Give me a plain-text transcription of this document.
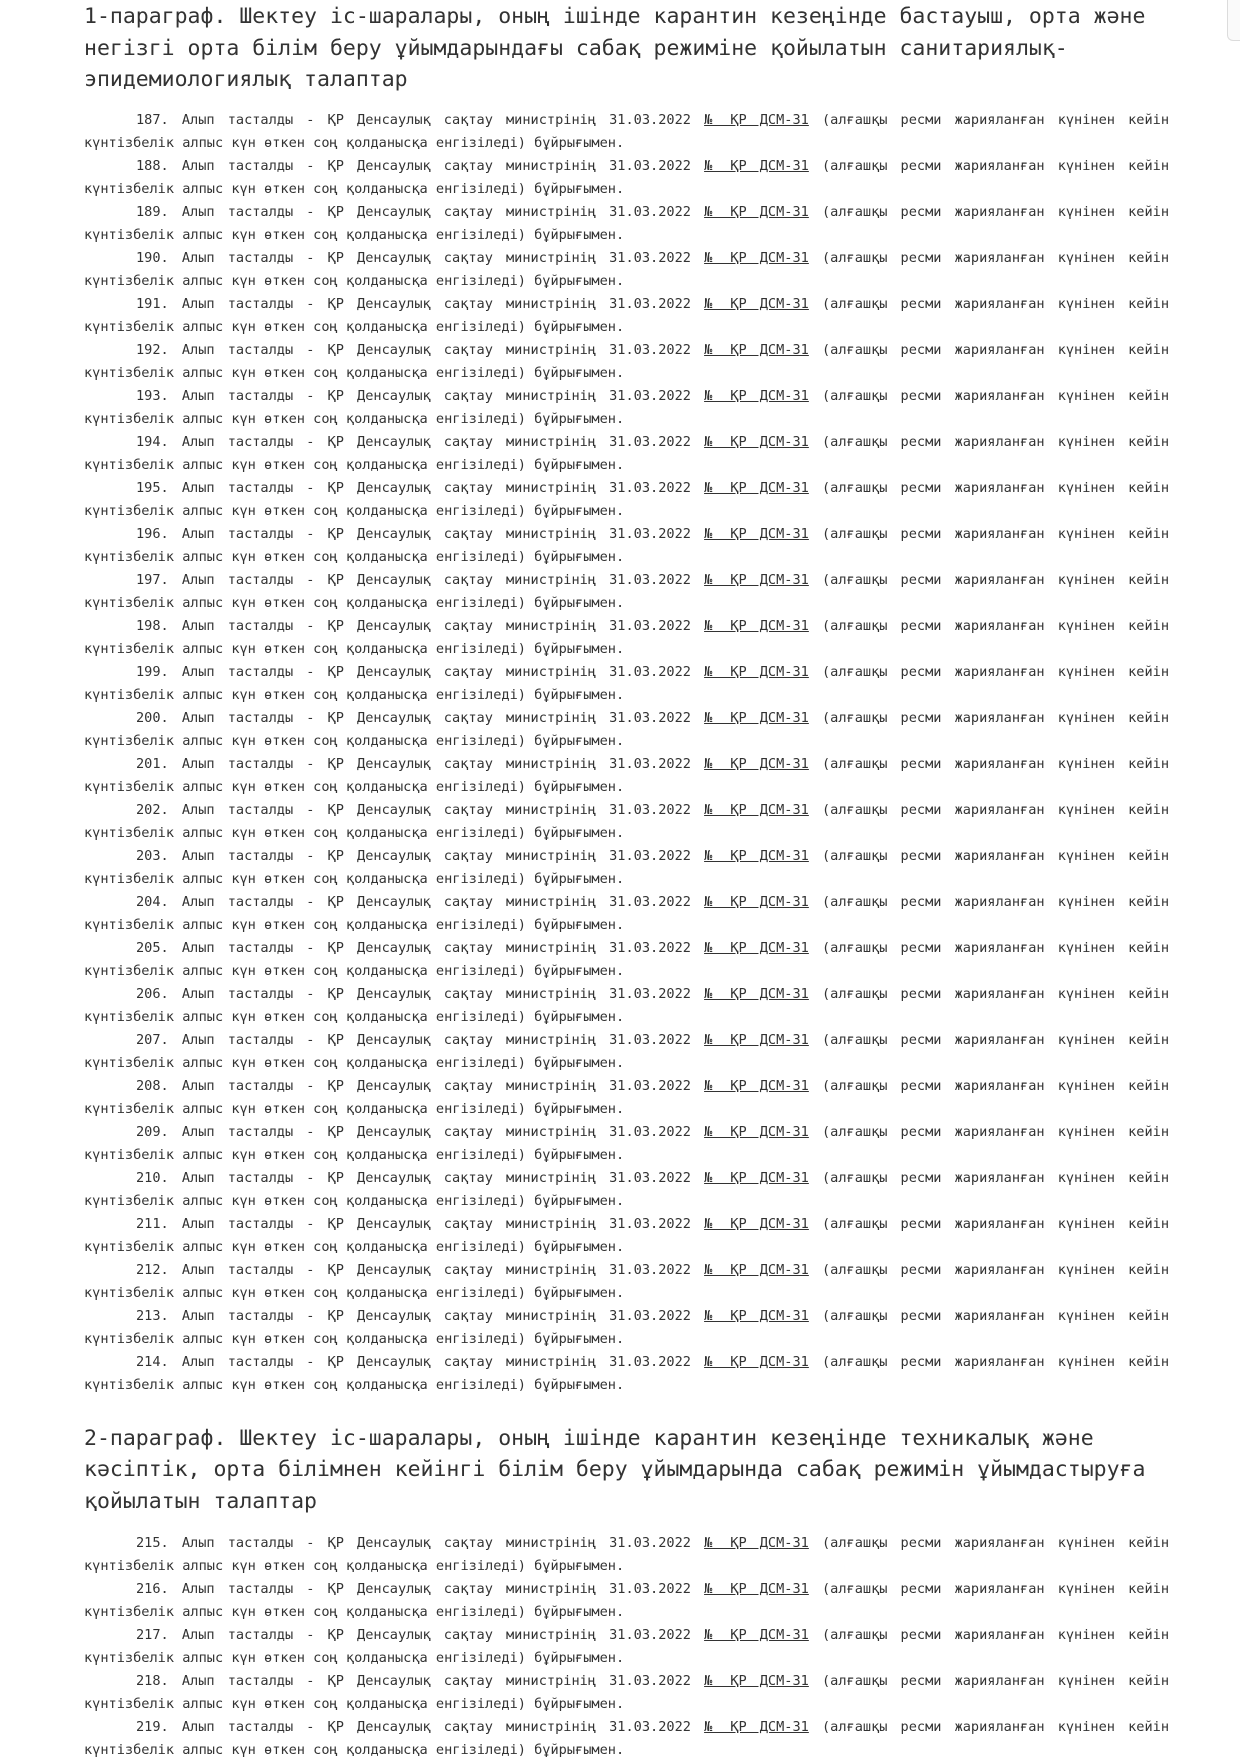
1-параграф. Шектеу іс-шаралары, оның ішінде карантин кезеңінде бастауыш, орта және негізгі орта білім беру ұйымдарындағы сабақ режиміне қойылатын санитариялық-эпидемиологиялық талаптар

187. Алып тасталды - ҚР Денсаулық сақтау министрінің 31.03.2022 № ҚР ДСМ-31 (алғашқы ресми жарияланған күнінен кейін күнтізбелік алпыс күн өткен соң қолданысқа енгізіледі) бұйрығымен.

188. Алып тасталды - ҚР Денсаулық сақтау министрінің 31.03.2022 № ҚР ДСМ-31 (алғашқы ресми жарияланған күнінен кейін күнтізбелік алпыс күн өткен соң қолданысқа енгізіледі) бұйрығымен.

189. Алып тасталды - ҚР Денсаулық сақтау министрінің 31.03.2022 № ҚР ДСМ-31 (алғашқы ресми жарияланған күнінен кейін күнтізбелік алпыс күн өткен соң қолданысқа енгізіледі) бұйрығымен.

190. Алып тасталды - ҚР Денсаулық сақтау министрінің 31.03.2022 № ҚР ДСМ-31 (алғашқы ресми жарияланған күнінен кейін күнтізбелік алпыс күн өткен соң қолданысқа енгізіледі) бұйрығымен.

191. Алып тасталды - ҚР Денсаулық сақтау министрінің 31.03.2022 № ҚР ДСМ-31 (алғашқы ресми жарияланған күнінен кейін күнтізбелік алпыс күн өткен соң қолданысқа енгізіледі) бұйрығымен.

192. Алып тасталды - ҚР Денсаулық сақтау министрінің 31.03.2022 № ҚР ДСМ-31 (алғашқы ресми жарияланған күнінен кейін күнтізбелік алпыс күн өткен соң қолданысқа енгізіледі) бұйрығымен.

193. Алып тасталды - ҚР Денсаулық сақтау министрінің 31.03.2022 № ҚР ДСМ-31 (алғашқы ресми жарияланған күнінен кейін күнтізбелік алпыс күн өткен соң қолданысқа енгізіледі) бұйрығымен.

194. Алып тасталды - ҚР Денсаулық сақтау министрінің 31.03.2022 № ҚР ДСМ-31 (алғашқы ресми жарияланған күнінен кейін күнтізбелік алпыс күн өткен соң қолданысқа енгізіледі) бұйрығымен.

195. Алып тасталды - ҚР Денсаулық сақтау министрінің 31.03.2022 № ҚР ДСМ-31 (алғашқы ресми жарияланған күнінен кейін күнтізбелік алпыс күн өткен соң қолданысқа енгізіледі) бұйрығымен.

196. Алып тасталды - ҚР Денсаулық сақтау министрінің 31.03.2022 № ҚР ДСМ-31 (алғашқы ресми жарияланған күнінен кейін күнтізбелік алпыс күн өткен соң қолданысқа енгізіледі) бұйрығымен.

197. Алып тасталды - ҚР Денсаулық сақтау министрінің 31.03.2022 № ҚР ДСМ-31 (алғашқы ресми жарияланған күнінен кейін күнтізбелік алпыс күн өткен соң қолданысқа енгізіледі) бұйрығымен.

198. Алып тасталды - ҚР Денсаулық сақтау министрінің 31.03.2022 № ҚР ДСМ-31 (алғашқы ресми жарияланған күнінен кейін күнтізбелік алпыс күн өткен соң қолданысқа енгізіледі) бұйрығымен.

199. Алып тасталды - ҚР Денсаулық сақтау министрінің 31.03.2022 № ҚР ДСМ-31 (алғашқы ресми жарияланған күнінен кейін күнтізбелік алпыс күн өткен соң қолданысқа енгізіледі) бұйрығымен.

200. Алып тасталды - ҚР Денсаулық сақтау министрінің 31.03.2022 № ҚР ДСМ-31 (алғашқы ресми жарияланған күнінен кейін күнтізбелік алпыс күн өткен соң қолданысқа енгізіледі) бұйрығымен.

201. Алып тасталды - ҚР Денсаулық сақтау министрінің 31.03.2022 № ҚР ДСМ-31 (алғашқы ресми жарияланған күнінен кейін күнтізбелік алпыс күн өткен соң қолданысқа енгізіледі) бұйрығымен.

202. Алып тасталды - ҚР Денсаулық сақтау министрінің 31.03.2022 № ҚР ДСМ-31 (алғашқы ресми жарияланған күнінен кейін күнтізбелік алпыс күн өткен соң қолданысқа енгізіледі) бұйрығымен.

203. Алып тасталды - ҚР Денсаулық сақтау министрінің 31.03.2022 № ҚР ДСМ-31 (алғашқы ресми жарияланған күнінен кейін күнтізбелік алпыс күн өткен соң қолданысқа енгізіледі) бұйрығымен.

204. Алып тасталды - ҚР Денсаулық сақтау министрінің 31.03.2022 № ҚР ДСМ-31 (алғашқы ресми жарияланған күнінен кейін күнтізбелік алпыс күн өткен соң қолданысқа енгізіледі) бұйрығымен.

205. Алып тасталды - ҚР Денсаулық сақтау министрінің 31.03.2022 № ҚР ДСМ-31 (алғашқы ресми жарияланған күнінен кейін күнтізбелік алпыс күн өткен соң қолданысқа енгізіледі) бұйрығымен.

206. Алып тасталды - ҚР Денсаулық сақтау министрінің 31.03.2022 № ҚР ДСМ-31 (алғашқы ресми жарияланған күнінен кейін күнтізбелік алпыс күн өткен соң қолданысқа енгізіледі) бұйрығымен.

207. Алып тасталды - ҚР Денсаулық сақтау министрінің 31.03.2022 № ҚР ДСМ-31 (алғашқы ресми жарияланған күнінен кейін күнтізбелік алпыс күн өткен соң қолданысқа енгізіледі) бұйрығымен.

208. Алып тасталды - ҚР Денсаулық сақтау министрінің 31.03.2022 № ҚР ДСМ-31 (алғашқы ресми жарияланған күнінен кейін күнтізбелік алпыс күн өткен соң қолданысқа енгізіледі) бұйрығымен.

209. Алып тасталды - ҚР Денсаулық сақтау министрінің 31.03.2022 № ҚР ДСМ-31 (алғашқы ресми жарияланған күнінен кейін күнтізбелік алпыс күн өткен соң қолданысқа енгізіледі) бұйрығымен.

210. Алып тасталды - ҚР Денсаулық сақтау министрінің 31.03.2022 № ҚР ДСМ-31 (алғашқы ресми жарияланған күнінен кейін күнтізбелік алпыс күн өткен соң қолданысқа енгізіледі) бұйрығымен.

211. Алып тасталды - ҚР Денсаулық сақтау министрінің 31.03.2022 № ҚР ДСМ-31 (алғашқы ресми жарияланған күнінен кейін күнтізбелік алпыс күн өткен соң қолданысқа енгізіледі) бұйрығымен.

212. Алып тасталды - ҚР Денсаулық сақтау министрінің 31.03.2022 № ҚР ДСМ-31 (алғашқы ресми жарияланған күнінен кейін күнтізбелік алпыс күн өткен соң қолданысқа енгізіледі) бұйрығымен.

213. Алып тасталды - ҚР Денсаулық сақтау министрінің 31.03.2022 № ҚР ДСМ-31 (алғашқы ресми жарияланған күнінен кейін күнтізбелік алпыс күн өткен соң қолданысқа енгізіледі) бұйрығымен.

214. Алып тасталды - ҚР Денсаулық сақтау министрінің 31.03.2022 № ҚР ДСМ-31 (алғашқы ресми жарияланған күнінен кейін күнтізбелік алпыс күн өткен соң қолданысқа енгізіледі) бұйрығымен.

2-параграф. Шектеу іс-шаралары, оның ішінде карантин кезеңінде техникалық және кәсіптік, орта білімнен кейінгі білім беру ұйымдарында сабақ режимін ұйымдастыруға қойылатын талаптар

215. Алып тасталды - ҚР Денсаулық сақтау министрінің 31.03.2022 № ҚР ДСМ-31 (алғашқы ресми жарияланған күнінен кейін күнтізбелік алпыс күн өткен соң қолданысқа енгізіледі) бұйрығымен.

216. Алып тасталды - ҚР Денсаулық сақтау министрінің 31.03.2022 № ҚР ДСМ-31 (алғашқы ресми жарияланған күнінен кейін күнтізбелік алпыс күн өткен соң қолданысқа енгізіледі) бұйрығымен.

217. Алып тасталды - ҚР Денсаулық сақтау министрінің 31.03.2022 № ҚР ДСМ-31 (алғашқы ресми жарияланған күнінен кейін күнтізбелік алпыс күн өткен соң қолданысқа енгізіледі) бұйрығымен.

218. Алып тасталды - ҚР Денсаулық сақтау министрінің 31.03.2022 № ҚР ДСМ-31 (алғашқы ресми жарияланған күнінен кейін күнтізбелік алпыс күн өткен соң қолданысқа енгізіледі) бұйрығымен.

219. Алып тасталды - ҚР Денсаулық сақтау министрінің 31.03.2022 № ҚР ДСМ-31 (алғашқы ресми жарияланған күнінен кейін күнтізбелік алпыс күн өткен соң қолданысқа енгізіледі) бұйрығымен.
